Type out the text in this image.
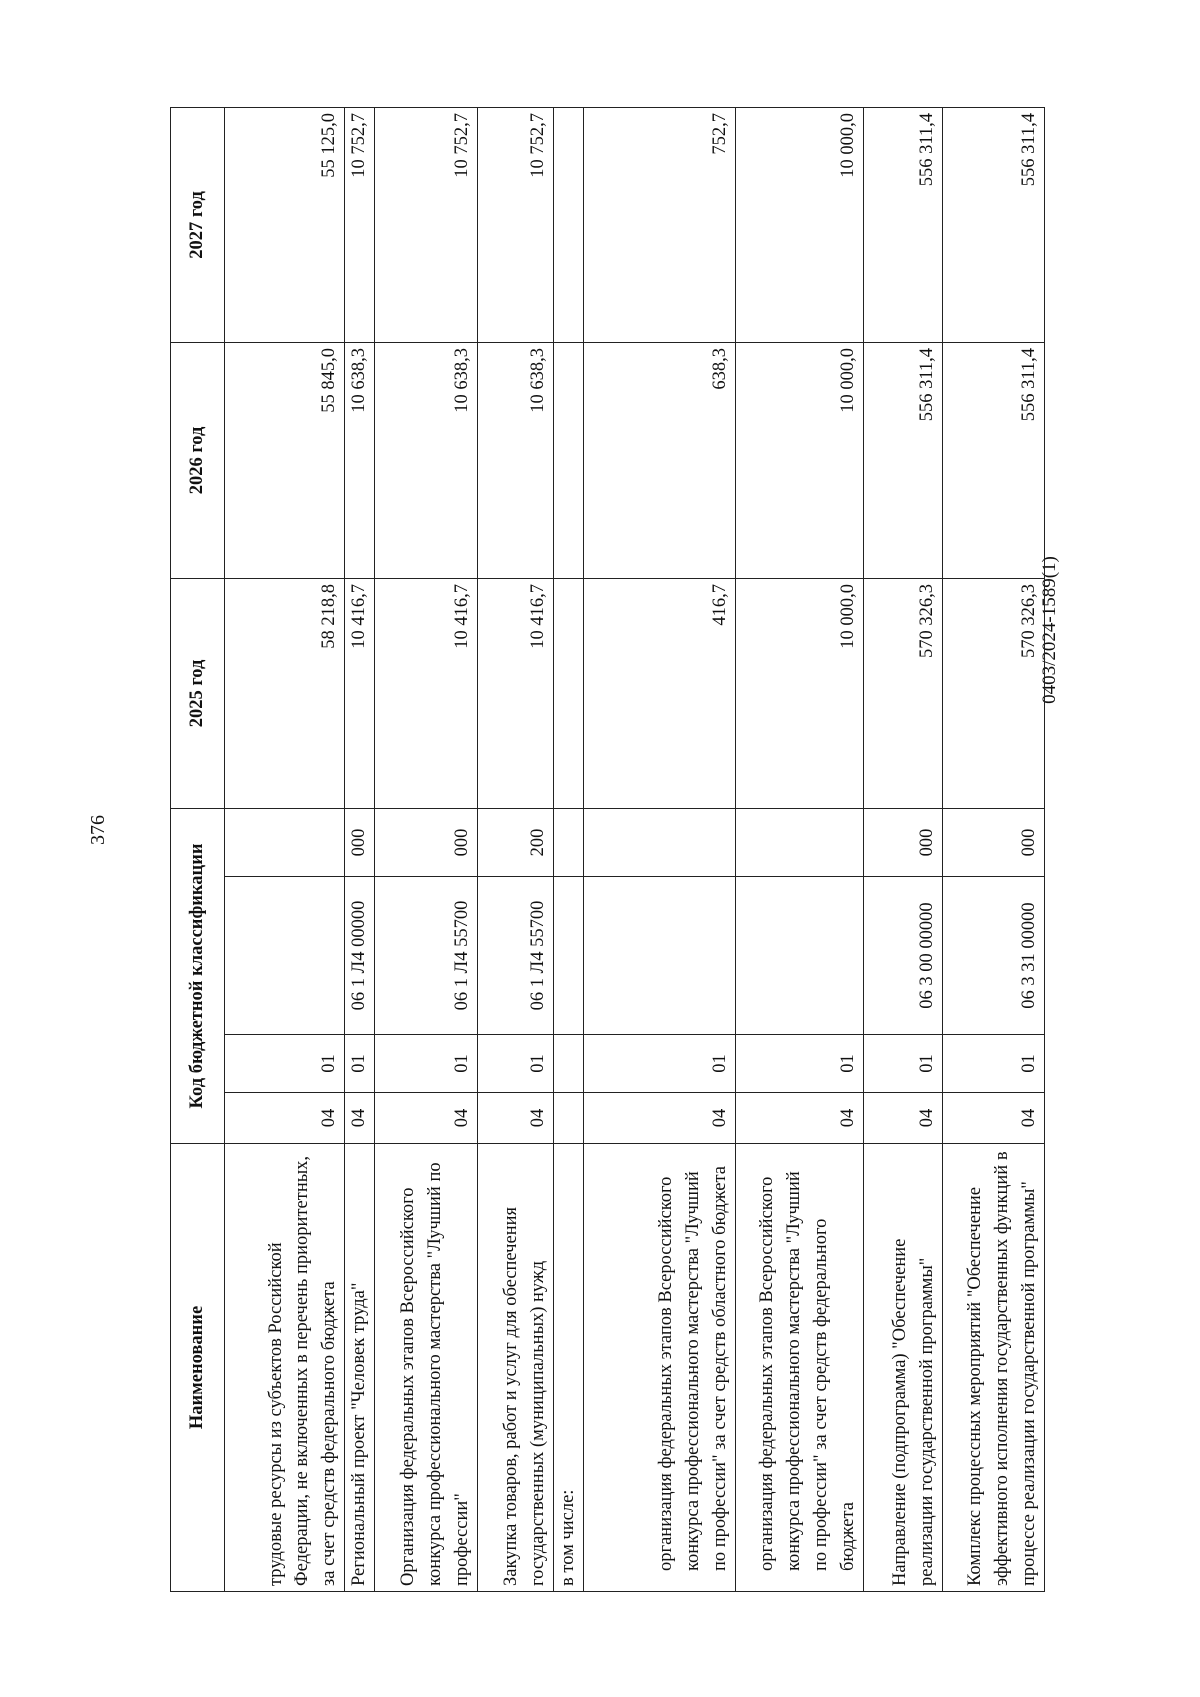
376
0403/2024-1589(1)
Наименование	Код бюджетной классификации				2025 год	2026 год	2027 год
трудовые ресурсы из субъектов Российской Федерации, не включенных в перечень приоритетных, за счет средств федерального бюджета	04	01			58 218,8	55 845,0	55 125,0
Региональный проект "Человек труда"	04	01	06 1 Л4 00000	000	10 416,7	10 638,3	10 752,7
Организация федеральных этапов Всероссийского конкурса профессионального мастерства "Лучший по профессии"	04	01	06 1 Л4 55700	000	10 416,7	10 638,3	10 752,7
Закупка товаров, работ и услуг для обеспечения государственных (муниципальных) нужд	04	01	06 1 Л4 55700	200	10 416,7	10 638,3	10 752,7
в том числе:							
организация федеральных этапов Всероссийского конкурса профессионального мастерства "Лучший по профессии" за счет средств областного бюджета	04	01			416,7	638,3	752,7
организация федеральных этапов Всероссийского конкурса профессионального мастерства "Лучший по профессии" за счет средств федерального бюджета	04	01			10 000,0	10 000,0	10 000,0
Направление (подпрограмма) "Обеспечение реализации государственной программы"	04	01	06 3 00 00000	000	570 326,3	556 311,4	556 311,4
Комплекс процессных мероприятий "Обеспечение эффективного исполнения государственных функций в процессе реализации государственной программы"	04	01	06 3 31 00000	000	570 326,3	556 311,4	556 311,4
